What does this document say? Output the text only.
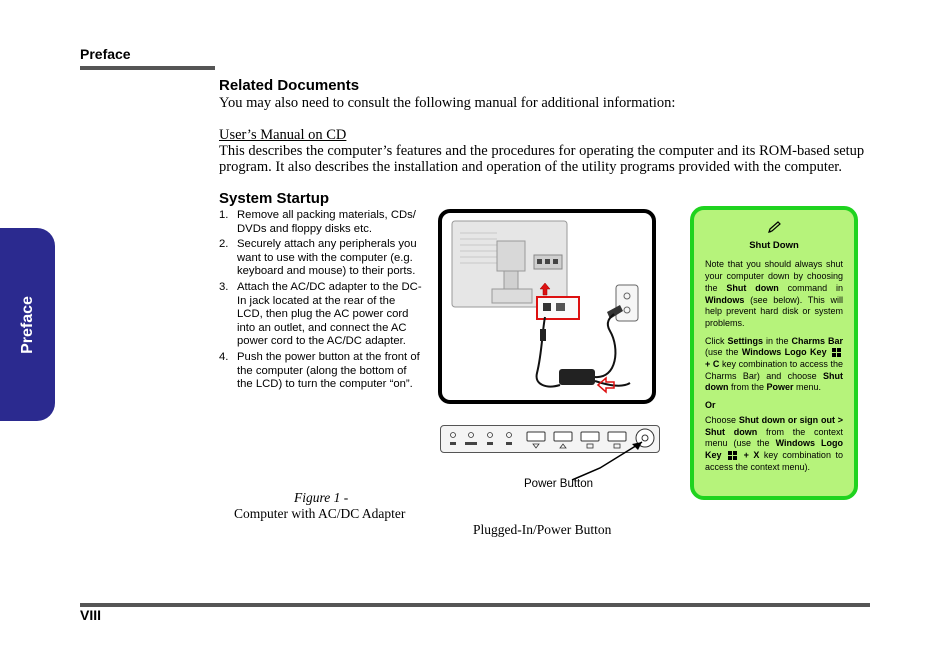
Preface
Preface
Related Documents
You may also need to consult the following manual for additional information:
User’s Manual on CD
This describes the computer’s features and the procedures for operating the computer and its ROM-based setup program. It also describes the installation and operation of the utility programs provided with the computer.
System Startup
1. Remove all packing materials, CDs/ DVDs and floppy disks etc.
2. Securely attach any peripherals you want to use with the computer (e.g. keyboard and mouse) to their ports.
3. Attach the AC/DC adapter to the DC-In jack located at the rear of the LCD, then plug the AC power cord into an outlet, and connect the AC power cord to the AC/DC adapter.
4. Push the power button at the front of the computer (along the bottom of the LCD) to turn the computer “on”.
Power Button
Figure 1 -
Computer with AC/DC Adapter
Plugged-In/Power Button
Shut Down

Note that you should always shut your computer down by choosing the Shut down command in Windows (see below). This will help prevent hard disk or system problems.

Click Settings in the Charms Bar (use the Windows Logo Key
+ C key combination to access the Charms Bar) and choose Shut down from the Power menu.

Or

Choose Shut down or sign out > Shut down from the context menu (use the Windows Logo Key
+ X key combination to access the context menu).

VIII
